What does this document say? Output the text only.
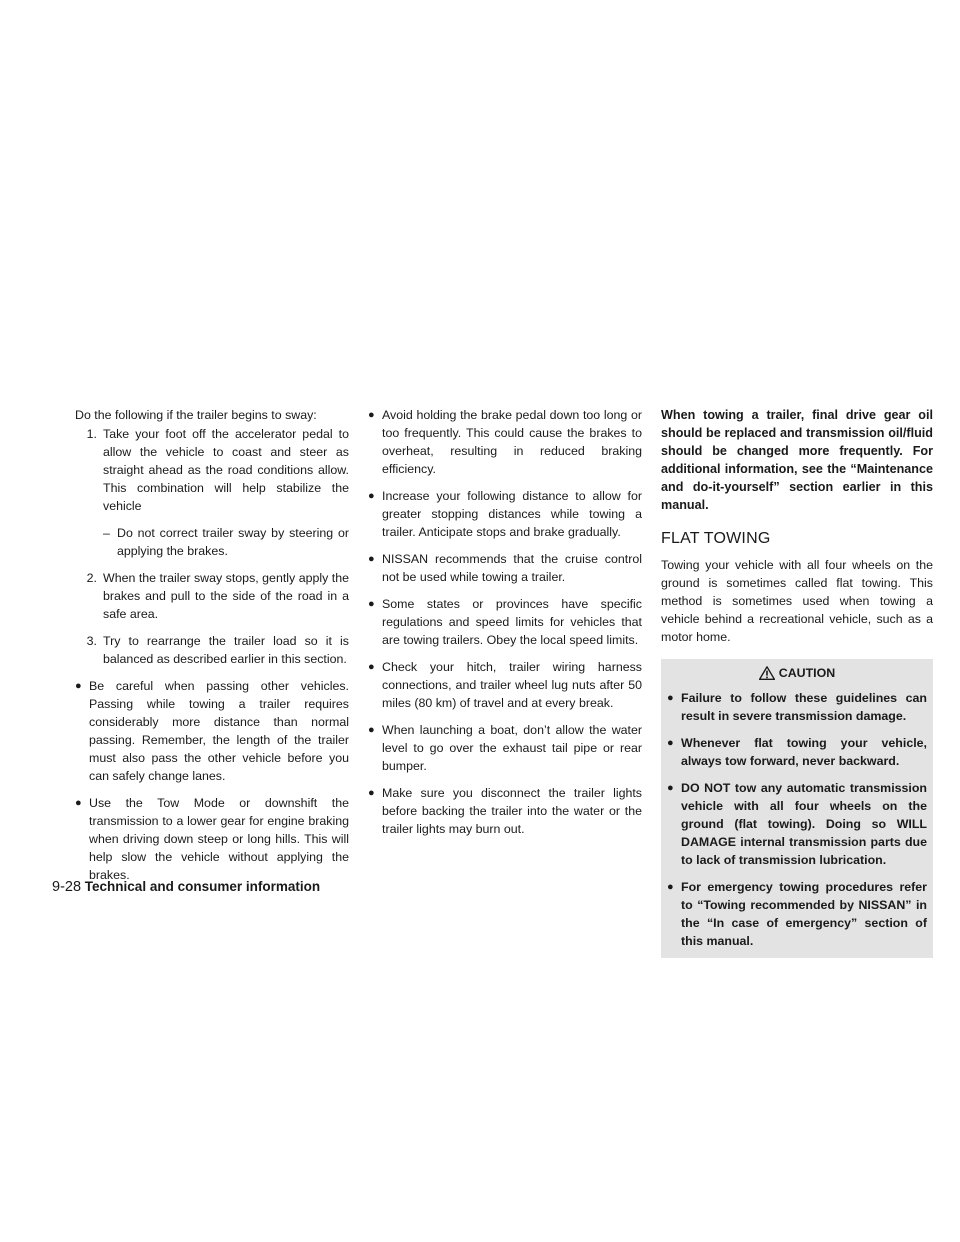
Do the following if the trailer begins to sway:

1. Take your foot off the accelerator pedal to allow the vehicle to coast and steer as straight ahead as the road conditions allow. This combination will help stabilize the vehicle
– Do not correct trailer sway by steering or applying the brakes.
2. When the trailer sway stops, gently apply the brakes and pull to the side of the road in a safe area.
3. Try to rearrange the trailer load so it is balanced as described earlier in this section.
● Be careful when passing other vehicles. Passing while towing a trailer requires considerably more distance than normal passing. Remember, the length of the trailer must also pass the other vehicle before you can safely change lanes.
● Use the Tow Mode or downshift the transmission to a lower gear for engine braking when driving down steep or long hills. This will help slow the vehicle without applying the brakes.
● Avoid holding the brake pedal down too long or too frequently. This could cause the brakes to overheat, resulting in reduced braking efficiency.
● Increase your following distance to allow for greater stopping distances while towing a trailer. Anticipate stops and brake gradually.
● NISSAN recommends that the cruise control not be used while towing a trailer.
● Some states or provinces have specific regulations and speed limits for vehicles that are towing trailers. Obey the local speed limits.
● Check your hitch, trailer wiring harness connections, and trailer wheel lug nuts after 50 miles (80 km) of travel and at every break.
● When launching a boat, don’t allow the water level to go over the exhaust tail pipe or rear bumper.
● Make sure you disconnect the trailer lights before backing the trailer into the water or the trailer lights may burn out.

When towing a trailer, final drive gear oil should be replaced and transmission oil/fluid should be changed more frequently. For additional information, see the “Maintenance and do-it-yourself” section earlier in this manual.

FLAT TOWING

Towing your vehicle with all four wheels on the ground is sometimes called flat towing. This method is sometimes used when towing a vehicle behind a recreational vehicle, such as a motor home.

CAUTION
● Failure to follow these guidelines can result in severe transmission damage.
● Whenever flat towing your vehicle, always tow forward, never backward.
● DO NOT tow any automatic transmission vehicle with all four wheels on the ground (flat towing). Doing so WILL DAMAGE internal transmission parts due to lack of transmission lubrication.
● For emergency towing procedures refer to “Towing recommended by NISSAN” in the “In case of emergency” section of this manual.
9-28 Technical and consumer information
